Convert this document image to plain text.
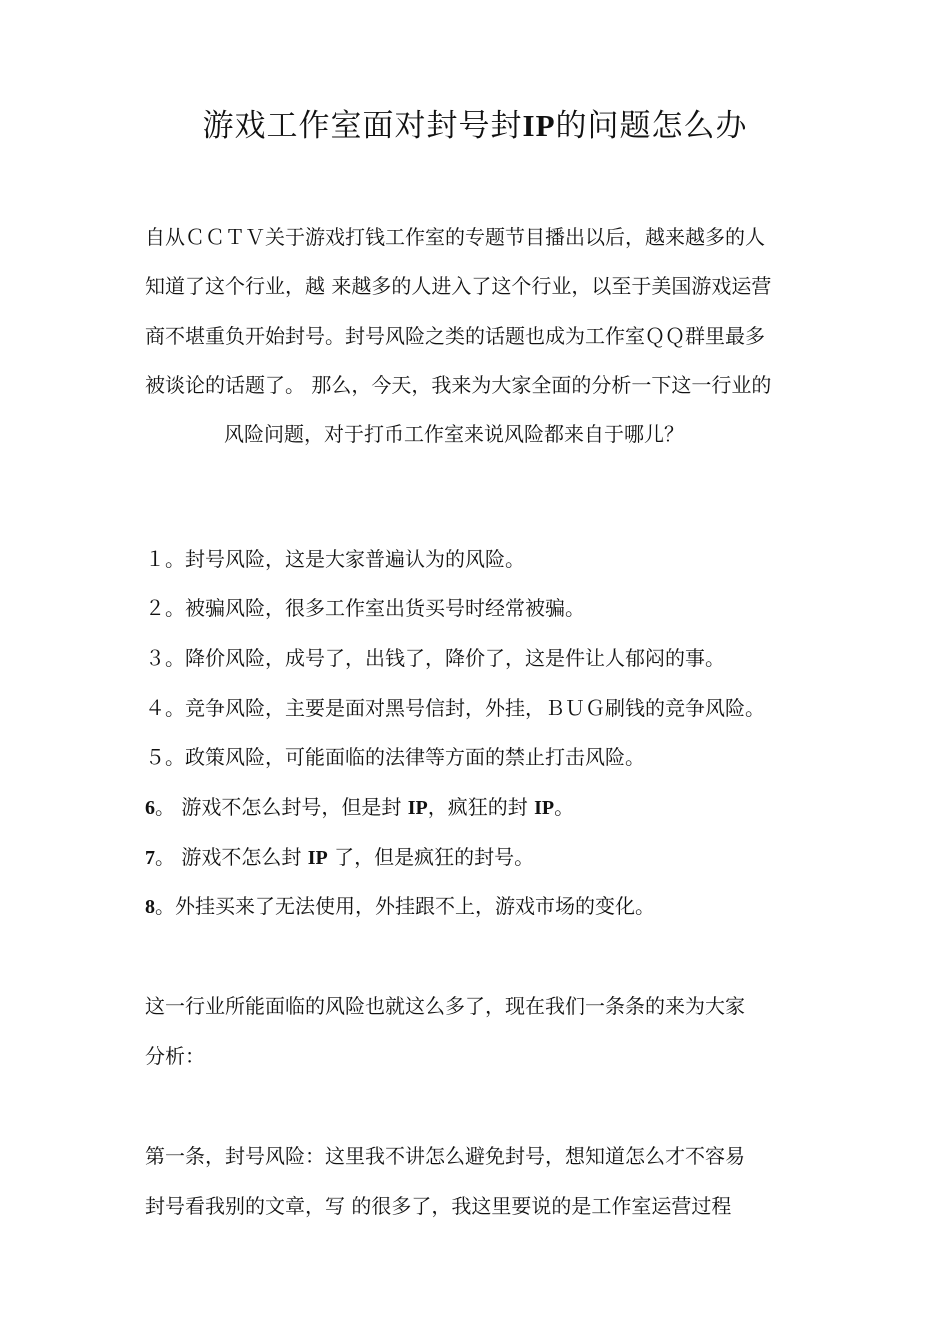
游戏工作室面对封号封IP的问题怎么办
自从ＣＣＴＶ关于游戏打钱工作室的专题节目播出以后，越来越多的人
知道了这个行业，越 来越多的人进入了这个行业，以至于美国游戏运营
商不堪重负开始封号。封号风险之类的话题也成为工作室ＱＱ群里最多
被谈论的话题了。 那么，今天，我来为大家全面的分析一下这一行业的
风险问题，对于打币工作室来说风险都来自于哪儿？
１。封号风险，这是大家普遍认为的风险。
２。被骗风险，很多工作室出货买号时经常被骗。
３。降价风险，成号了，出钱了，降价了，这是件让人郁闷的事。
４。竞争风险，主要是面对黑号信封，外挂，ＢＵＧ刷钱的竞争风险。
５。政策风险，可能面临的法律等方面的禁止打击风险。
6。 游戏不怎么封号，但是封 IP，疯狂的封 IP。
7。 游戏不怎么封 IP 了，但是疯狂的封号。
8。外挂买来了无法使用，外挂跟不上，游戏市场的变化。
这一行业所能面临的风险也就这么多了，现在我们一条条的来为大家
分析：
第一条，封号风险：这里我不讲怎么避免封号，想知道怎么才不容易
封号看我别的文章，写 的很多了，我这里要说的是工作室运营过程
